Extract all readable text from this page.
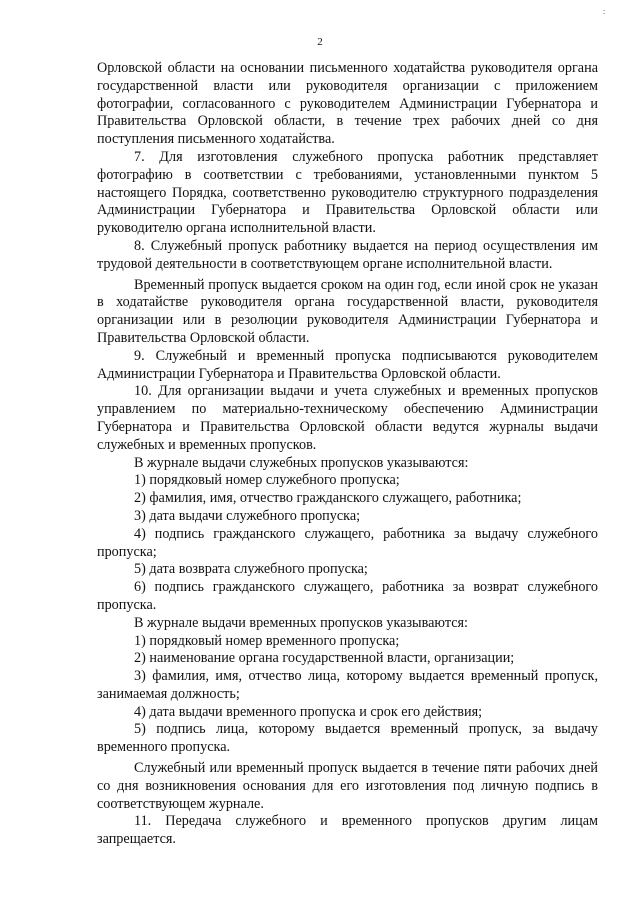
:
2

Орловской области на основании письменного ходатайства руководителя органа государственной власти или руководителя организации с приложением фотографии, согласованного с руководителем Администрации Губернатора и Правительства Орловской области, в течение трех рабочих дней со дня поступления письменного ходатайства.

7. Для изготовления служебного пропуска работник представляет фотографию в соответствии с требованиями, установленными пунктом 5 настоящего Порядка, соответственно руководителю структурного подразделения Администрации Губернатора и Правительства Орловской области или руководителю органа исполнительной власти.

8. Служебный пропуск работнику выдается на период осуществления им трудовой деятельности в соответствующем органе исполнительной власти.

Временный пропуск выдается сроком на один год, если иной срок не указан в ходатайстве руководителя органа государственной власти, руководителя организации или в резолюции руководителя Администрации Губернатора и Правительства Орловской области.

9. Служебный и временный пропуска подписываются руководителем Администрации Губернатора и Правительства Орловской области.

10. Для организации выдачи и учета служебных и временных пропусков управлением по материально-техническому обеспечению Администрации Губернатора и Правительства Орловской области ведутся журналы выдачи служебных и временных пропусков.

В журнале выдачи служебных пропусков указываются:

1) порядковый номер служебного пропуска;

2) фамилия, имя, отчество гражданского служащего, работника;

3) дата выдачи служебного пропуска;

4) подпись гражданского служащего, работника за выдачу служебного пропуска;

5) дата возврата служебного пропуска;

6) подпись гражданского служащего, работника за возврат служебного пропуска.

В журнале выдачи временных пропусков указываются:

1) порядковый номер временного пропуска;

2) наименование органа государственной власти, организации;

3) фамилия, имя, отчество лица, которому выдается временный пропуск, занимаемая должность;

4) дата выдачи временного пропуска и срок его действия;

5) подпись лица, которому выдается временный пропуск, за выдачу временного пропуска.

Служебный или временный пропуск выдается в течение пяти рабочих дней со дня возникновения основания для его изготовления под личную подпись в соответствующем журнале.

11. Передача служебного и временного пропусков другим лицам запрещается.
